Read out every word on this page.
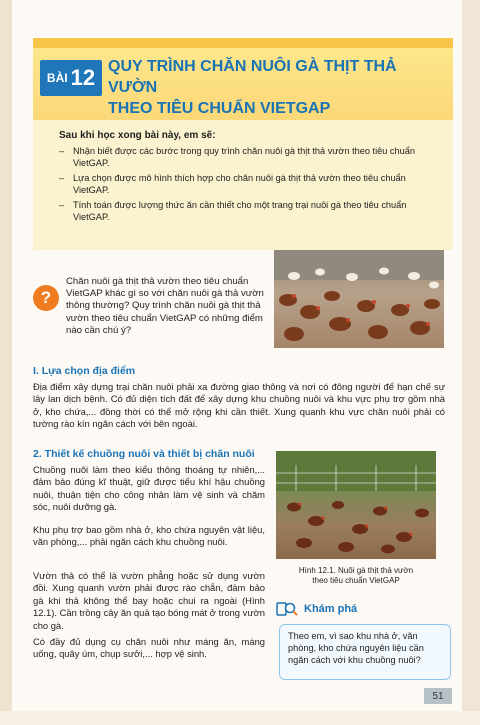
BÀI 12 QUY TRÌNH CHĂN NUÔI GÀ THỊT THẢ VƯỜN
THEO TIÊU CHUẨN VIETGAP
Sau khi học xong bài này, em sẽ:
– Nhận biết được các bước trong quy trình chăn nuôi gà thịt thả vườn theo tiêu chuẩn VietGAP.
– Lựa chọn được mô hình thích hợp cho chăn nuôi gà thịt thả vườn theo tiêu chuẩn VietGAP.
– Tính toán được lượng thức ăn cần thiết cho một trang trại nuôi gà theo tiêu chuẩn VietGAP.
?
Chăn nuôi gà thịt thả vườn theo tiêu chuẩn VietGAP khác gì so với chăn nuôi gà thả vườn thông thường? Quy trình chăn nuôi gà thịt thả vườn theo tiêu chuẩn VietGAP có những điểm nào cần chú ý?
I. Lựa chọn địa điểm
Địa điểm xây dựng trại chăn nuôi phải xa đường giao thông và nơi có đông người để hạn chế sự lây lan dịch bệnh. Có đủ diện tích đất để xây dựng khu chuồng nuôi và khu vực phụ trợ gồm nhà ở, kho chứa,... đồng thời có thể mở rộng khi cần thiết. Xung quanh khu vực chăn nuôi phải có tường rào kín ngăn cách với bên ngoài.
2. Thiết kế chuồng nuôi và thiết bị chăn nuôi
Chuồng nuôi làm theo kiểu thông thoáng tự nhiên,... đảm bảo đúng kĩ thuật, giữ được tiểu khí hậu chuồng nuôi, thuận tiện cho công nhân làm vệ sinh và chăm sóc, nuôi dưỡng gà.
Khu phụ trợ bao gồm nhà ở, kho chứa nguyên vật liệu, văn phòng,... phải ngăn cách khu chuồng nuôi.
Vườn thả có thể là vườn phẳng hoặc sử dụng vườn đồi. Xung quanh vườn phải được rào chắn, đảm bảo gà khi thả không thể bay hoặc chui ra ngoài (Hình 12.1). Cần trồng cây ăn quả tạo bóng mát ở trong vườn cho gà.
Có đầy đủ dụng cụ chăn nuôi như máng ăn, máng uống, quây úm, chụp sưởi,... hợp vệ sinh.
Hình 12.1. Nuôi gà thịt thả vườn
theo tiêu chuẩn VietGAP
Khám phá
Theo em, vì sao khu nhà ở, văn phòng, kho chứa nguyên liệu cần ngăn cách với khu chuồng nuôi?
51
